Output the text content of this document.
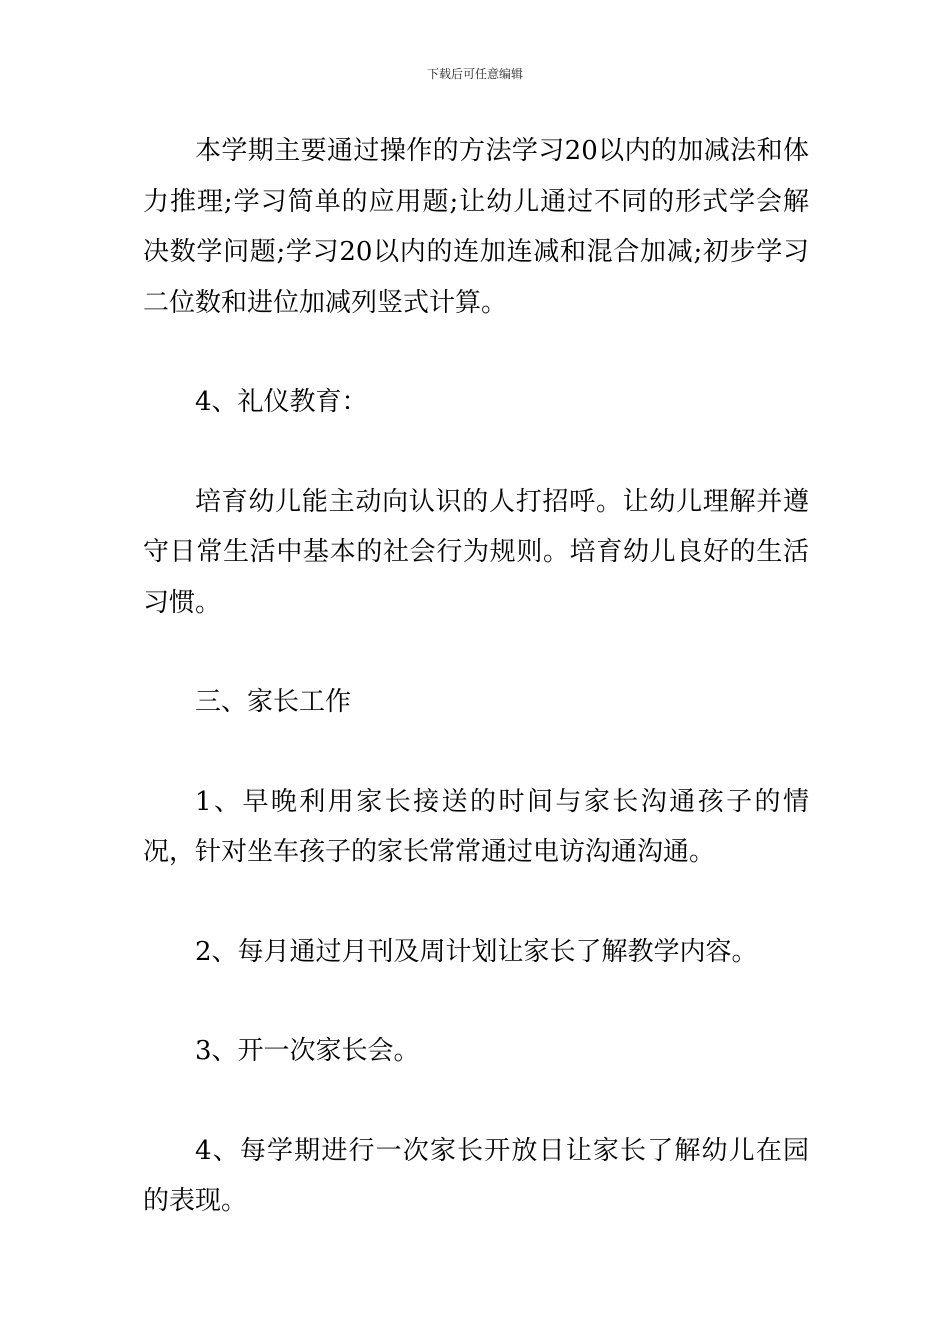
下载后可任意编辑

本学期主要通过操作的方法学习20以内的加减法和体力推理;学习简单的应用题;让幼儿通过不同的形式学会解决数学问题;学习20以内的连加连减和混合加减;初步学习二位数和进位加减列竖式计算。

4、礼仪教育：

培育幼儿能主动向认识的人打招呼。让幼儿理解并遵守日常生活中基本的社会行为规则。培育幼儿良好的生活习惯。

三、家长工作

1、早晚利用家长接送的时间与家长沟通孩子的情况，针对坐车孩子的家长常常通过电访沟通沟通。

2、每月通过月刊及周计划让家长了解教学内容。

3、开一次家长会。

4、每学期进行一次家长开放日让家长了解幼儿在园的表现。
